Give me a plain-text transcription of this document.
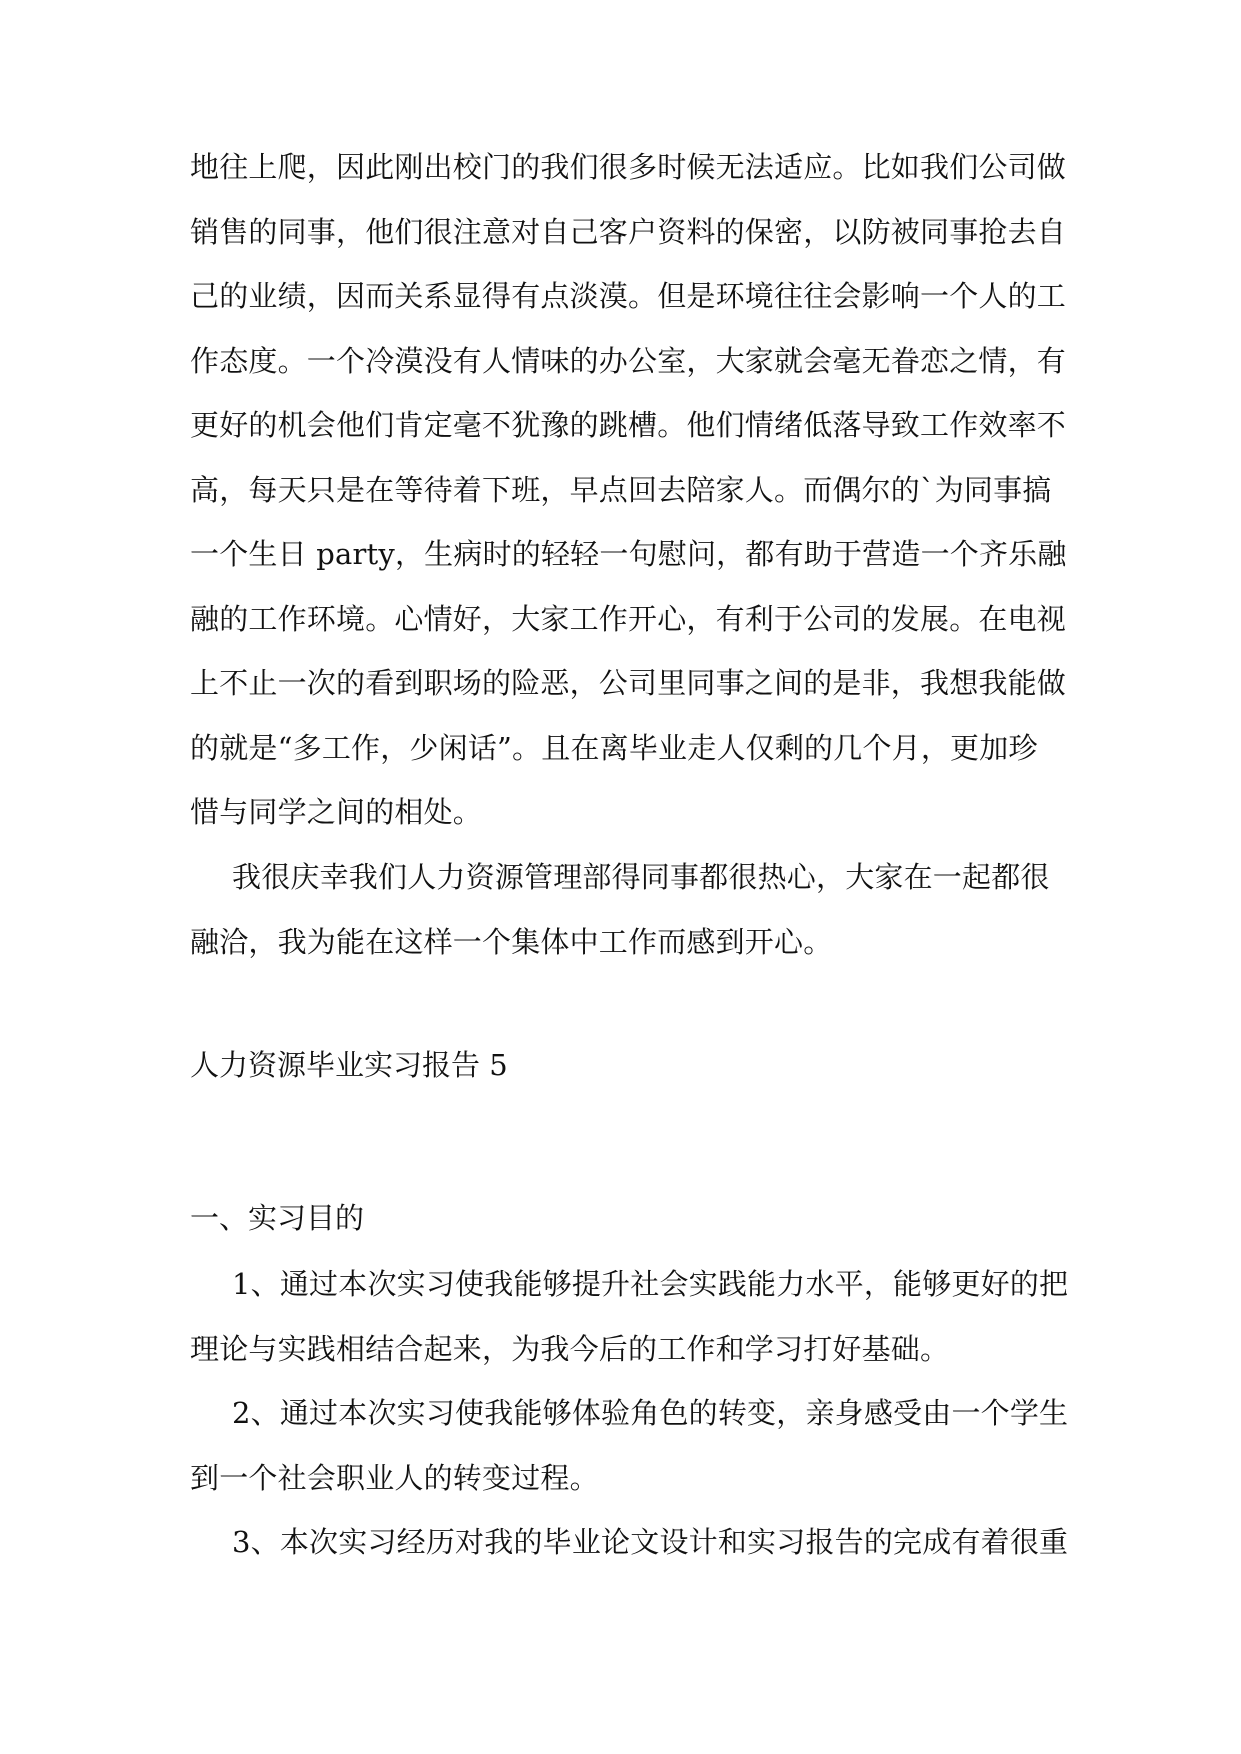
地往上爬，因此刚出校门的我们很多时候无法适应。比如我们公司做
销售的同事，他们很注意对自己客户资料的保密，以防被同事抢去自
己的业绩，因而关系显得有点淡漠。但是环境往往会影响一个人的工
作态度。一个冷漠没有人情味的办公室，大家就会毫无眷恋之情，有
更好的机会他们肯定毫不犹豫的跳槽。他们情绪低落导致工作效率不
高，每天只是在等待着下班，早点回去陪家人。而偶尔的`为同事搞
一个生日 party，生病时的轻轻一句慰问，都有助于营造一个齐乐融
融的工作环境。心情好，大家工作开心，有利于公司的发展。在电视
上不止一次的看到职场的险恶，公司里同事之间的是非，我想我能做
的就是“多工作，少闲话”。且在离毕业走人仅剩的几个月，更加珍
惜与同学之间的相处。
我很庆幸我们人力资源管理部得同事都很热心，大家在一起都很
融洽，我为能在这样一个集体中工作而感到开心。
人力资源毕业实习报告 5
一、实习目的
1、通过本次实习使我能够提升社会实践能力水平，能够更好的把
理论与实践相结合起来，为我今后的工作和学习打好基础。
2、通过本次实习使我能够体验角色的转变，亲身感受由一个学生
到一个社会职业人的转变过程。
3、本次实习经历对我的毕业论文设计和实习报告的完成有着很重
